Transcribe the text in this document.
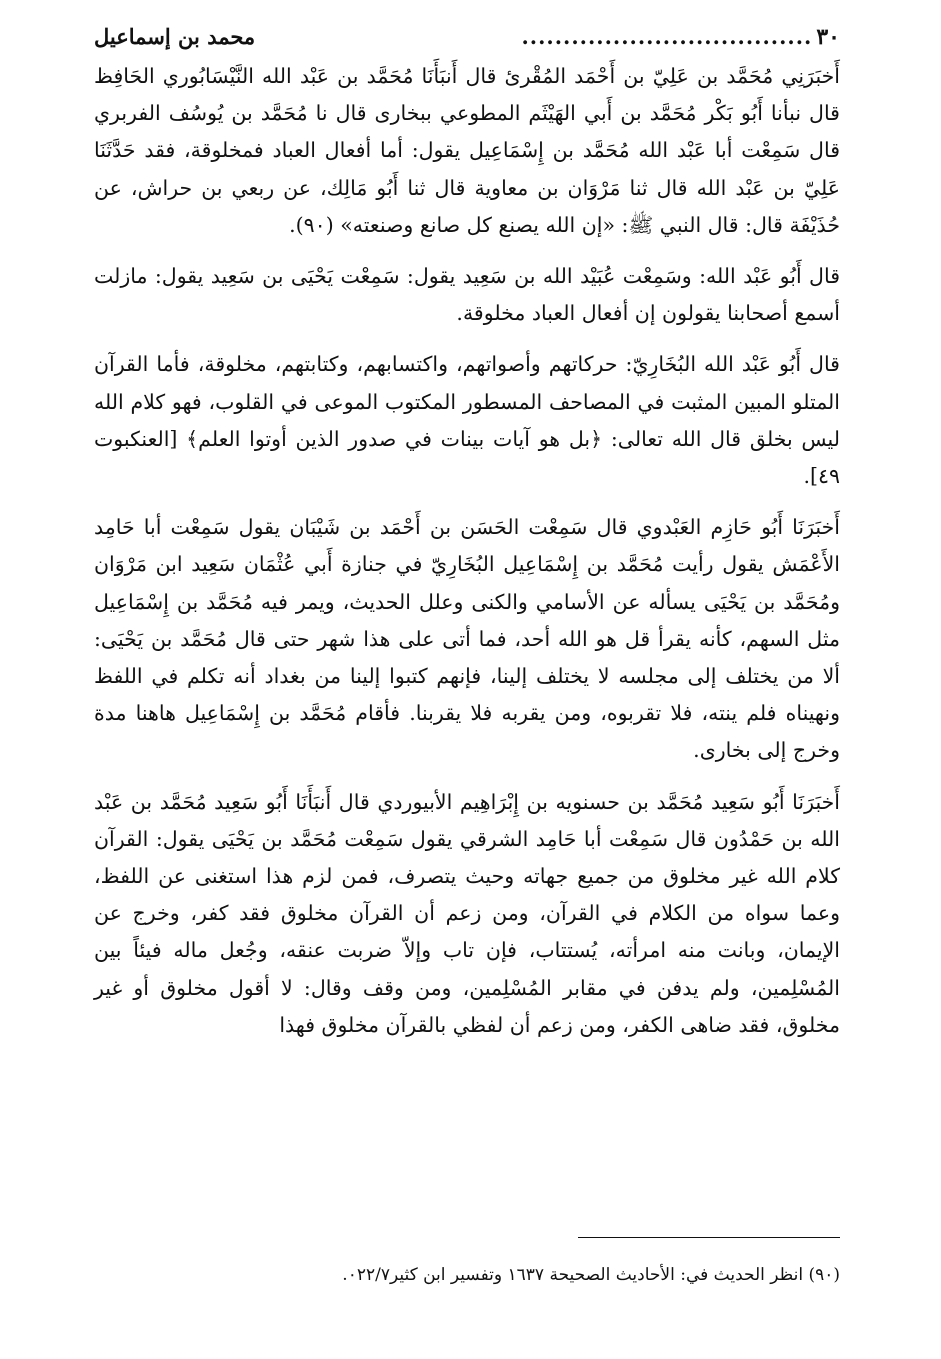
٣٠
...................................
محمد بن إسماعيل

أَخبَرَنِي مُحَمَّد بن عَلِيّ بن أَحْمَد المُقْرئ قال أَنبَأَنَا مُحَمَّد بن عَبْد الله النَّيْسَابُوري الحَافِظ قال نبأنا أَبُو بَكْر مُحَمَّد بن أَبي الهَيْثَم المطوعي ببخارى قال نا مُحَمَّد بن يُوسُف الفربري قال سَمِعْت أبا عَبْد الله مُحَمَّد بن إِسْمَاعِيل يقول: أما أفعال العباد فمخلوقة، فقد حَدَّثَنَا عَلِيّ بن عَبْد الله قال ثنا مَرْوَان بن معاوية قال ثنا أَبُو مَالِك، عن ربعي بن حراش، عن حُذَيْفَة قال: قال النبي ﷺ: «إن الله يصنع كل صانع وصنعته» (٩٠).

قال أَبُو عَبْد الله: وسَمِعْت عُبَيْد الله بن سَعِيد يقول: سَمِعْت يَحْيَى بن سَعِيد يقول: مازلت أسمع أصحابنا يقولون إن أفعال العباد مخلوقة.

قال أَبُو عَبْد الله البُخَارِيّ: حركاتهم وأصواتهم، واكتسابهم، وكتابتهم، مخلوقة، فأما القرآن المتلو المبين المثبت في المصاحف المسطور المكتوب الموعى في القلوب، فهو كلام الله ليس بخلق قال الله تعالى: ﴿بل هو آيات بينات في صدور الذين أوتوا العلم﴾ [العنكبوت ٤٩].

أَخبَرَنَا أَبُو حَازِم العَبْدوي قال سَمِعْت الحَسَن بن أَحْمَد بن شَيْبَان يقول سَمِعْت أبا حَامِد الأَعْمَش يقول رأيت مُحَمَّد بن إِسْمَاعِيل البُخَارِيّ في جنازة أَبي عُثْمَان سَعِيد ابن مَرْوَان ومُحَمَّد بن يَحْيَى يسأله عن الأسامي والكنى وعلل الحديث، ويمر فيه مُحَمَّد بن إِسْمَاعِيل مثل السهم، كأنه يقرأ قل هو الله أحد، فما أتى على هذا شهر حتى قال مُحَمَّد بن يَحْيَى: ألا من يختلف إلى مجلسه لا يختلف إلينا، فإنهم كتبوا إلينا من بغداد أنه تكلم في اللفظ ونهيناه فلم ينته، فلا تقربوه، ومن يقربه فلا يقربنا. فأقام مُحَمَّد بن إِسْمَاعِيل هاهنا مدة وخرج إلى بخارى.

أَخبَرَنَا أَبُو سَعِيد مُحَمَّد بن حسنويه بن إِبْرَاهِيم الأبيوردي قال أَنبَأَنَا أَبُو سَعِيد مُحَمَّد بن عَبْد الله بن حَمْدُون قال سَمِعْت أبا حَامِد الشرقي يقول سَمِعْت مُحَمَّد بن يَحْيَى يقول: القرآن كلام الله غير مخلوق من جميع جهاته وحيث يتصرف، فمن لزم هذا استغنى عن اللفظ، وعما سواه من الكلام في القرآن، ومن زعم أن القرآن مخلوق فقد كفر، وخرج عن الإيمان، وبانت منه امرأته، يُستتاب، فإن تاب وإلاّ ضربت عنقه، وجُعل ماله فيئاً بين المُسْلِمين، ولم يدفن في مقابر المُسْلِمين، ومن وقف وقال: لا أقول مخلوق أو غير مخلوق، فقد ضاهى الكفر، ومن زعم أن لفظي بالقرآن مخلوق فهذا

(٩٠) انظر الحديث في: الأحاديث الصحيحة ١٦٣٧ وتفسير ابن كثير٠٢٢/٧.
